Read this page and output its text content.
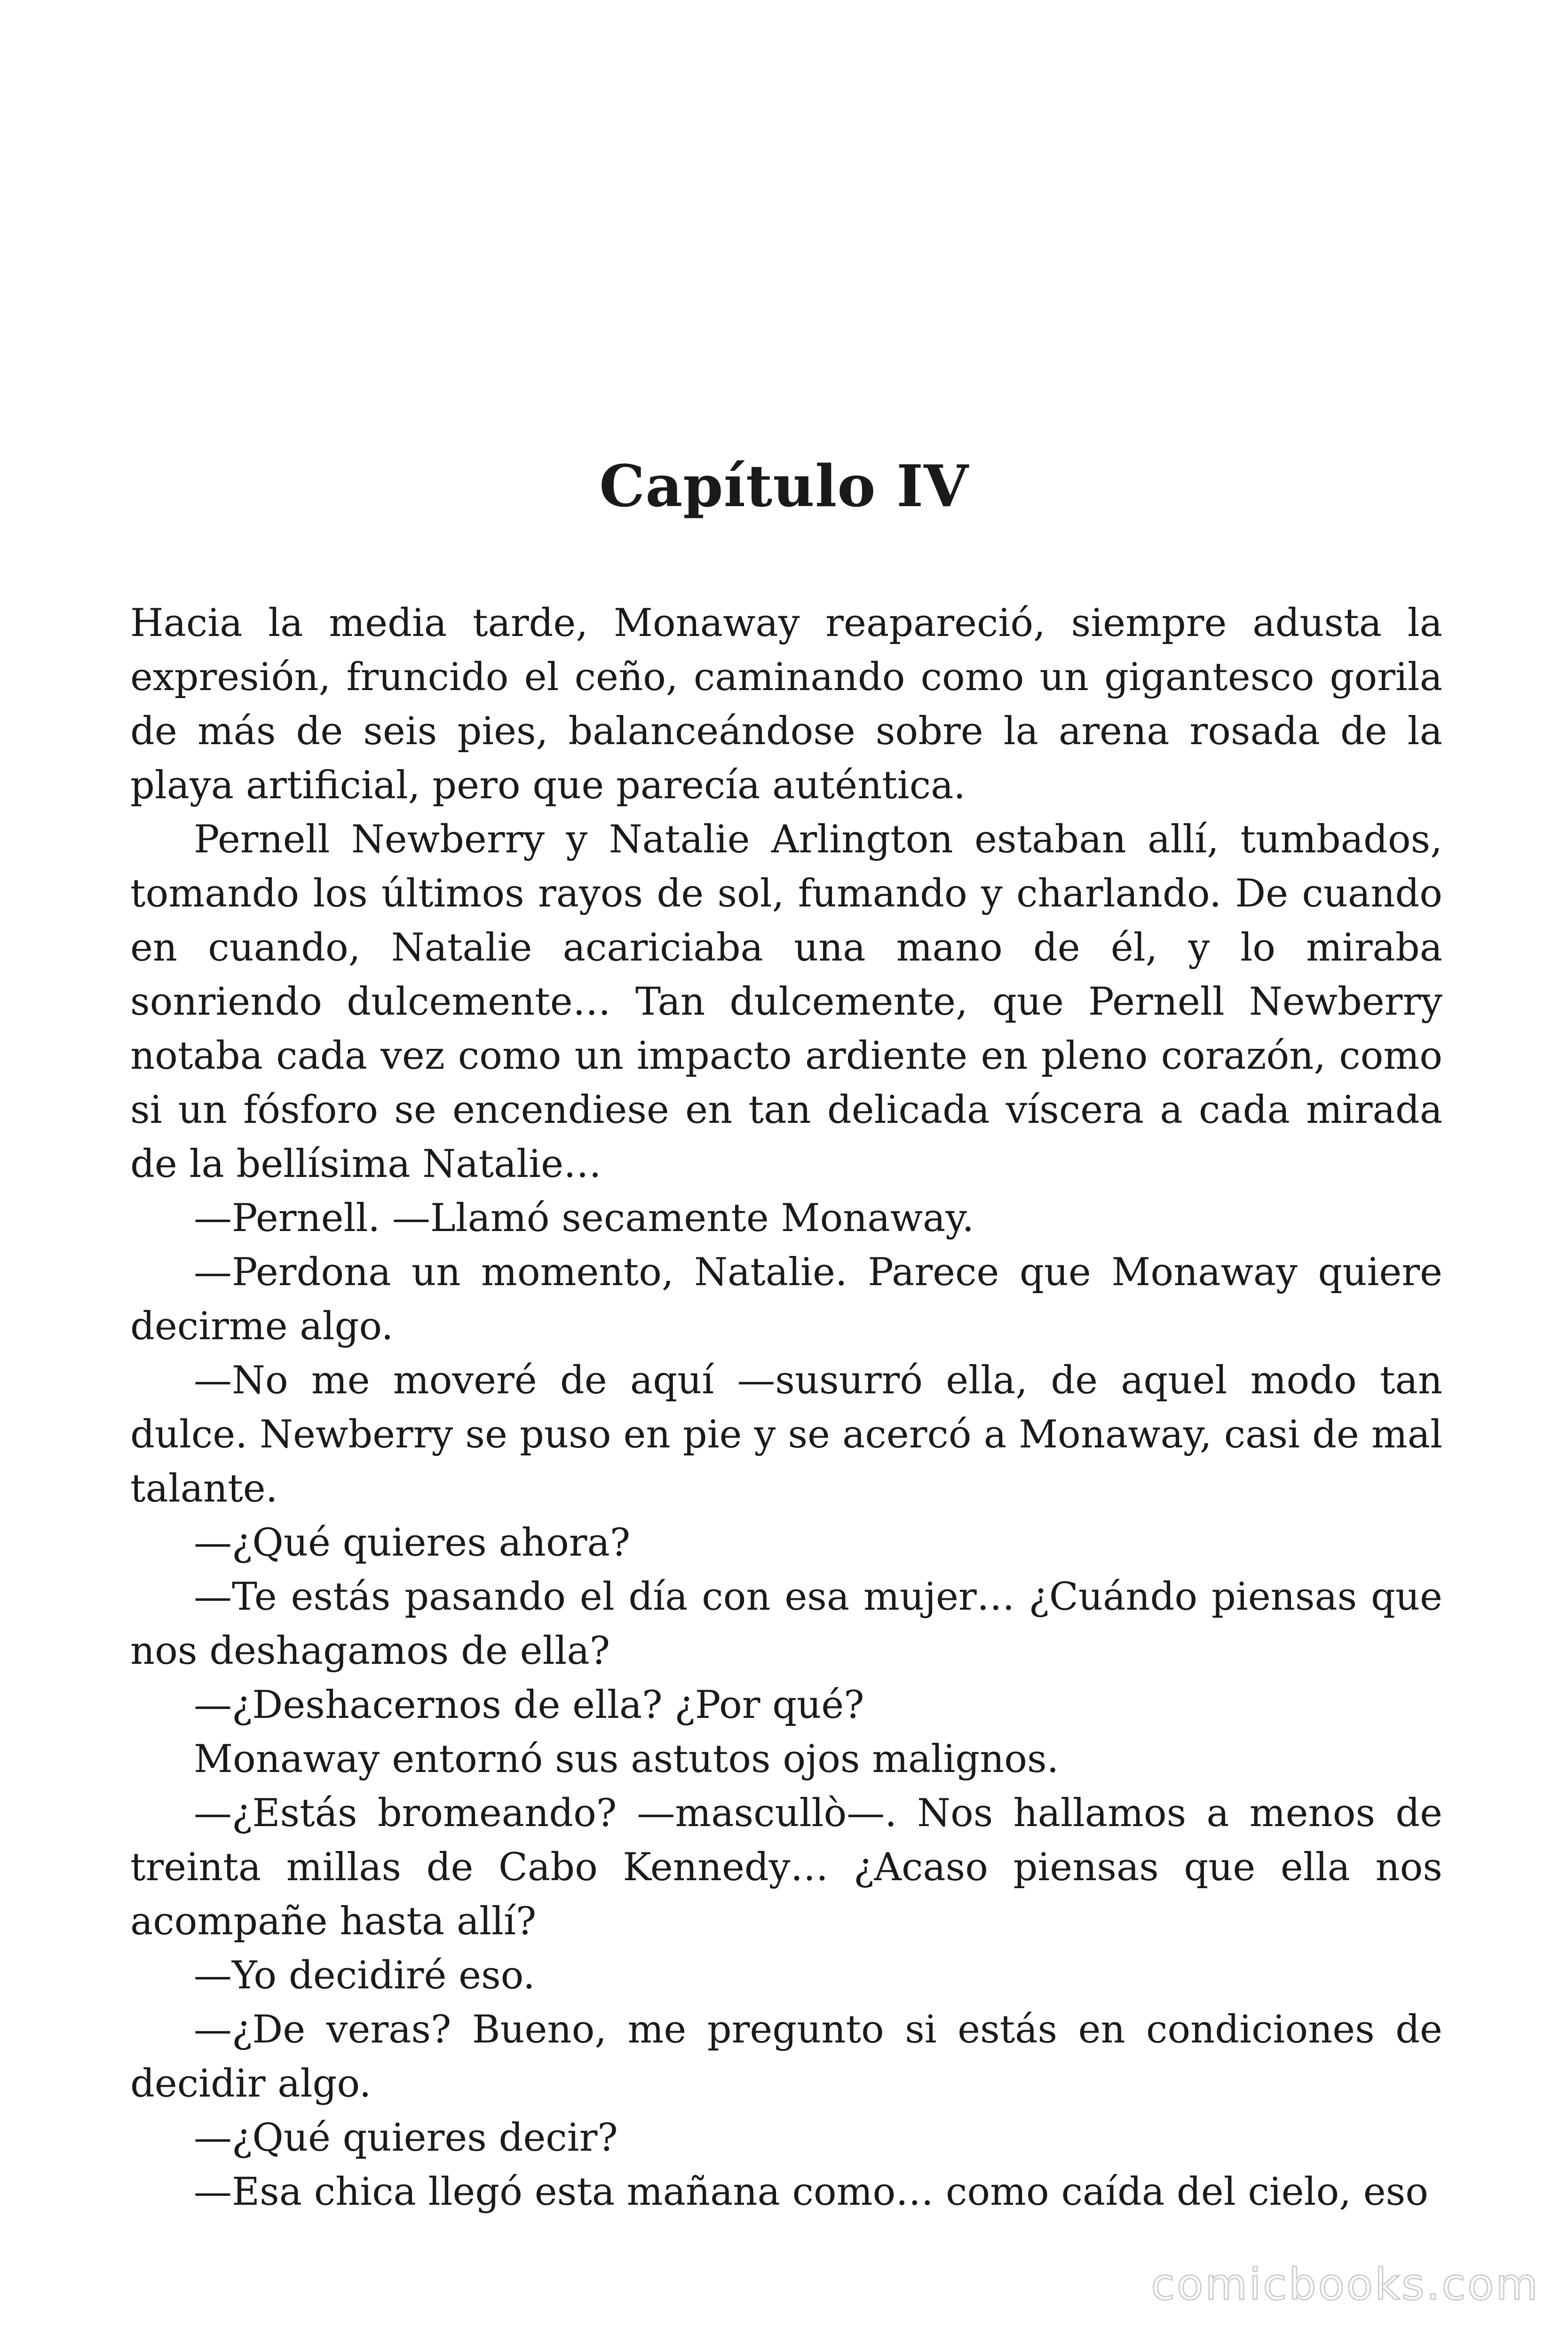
Capítulo IV

Hacia la media tarde, Monaway reapareció, siempre adusta la expresión, fruncido el ceño, caminando como un gigantesco gorila de más de seis pies, balanceándose sobre la arena rosada de la playa artificial, pero que parecía auténtica.

Pernell Newberry y Natalie Arlington estaban allí, tumbados, tomando los últimos rayos de sol, fumando y charlando. De cuando en cuando, Natalie acariciaba una mano de él, y lo miraba sonriendo dulcemente… Tan dulcemente, que Pernell Newberry notaba cada vez como un impacto ardiente en pleno corazón, como si un fósforo se encendiese en tan delicada víscera a cada mirada de la bellísima Natalie…

—Pernell. —Llamó secamente Monaway.

—Perdona un momento, Natalie. Parece que Monaway quiere decirme algo.

—No me moveré de aquí —susurró ella, de aquel modo tan dulce. Newberry se puso en pie y se acercó a Monaway, casi de mal talante.

—¿Qué quieres ahora?

—Te estás pasando el día con esa mujer… ¿Cuándo piensas que nos deshagamos de ella?

—¿Deshacernos de ella? ¿Por qué?

Monaway entornó sus astutos ojos malignos.

—¿Estás bromeando? —mascullò—. Nos hallamos a menos de treinta millas de Cabo Kennedy… ¿Acaso piensas que ella nos acompañe hasta allí?

—Yo decidiré eso.

—¿De veras? Bueno, me pregunto si estás en condiciones de decidir algo.

—¿Qué quieres decir?

—Esa chica llegó esta mañana como… como caída del cielo, eso

comicbooks.com
